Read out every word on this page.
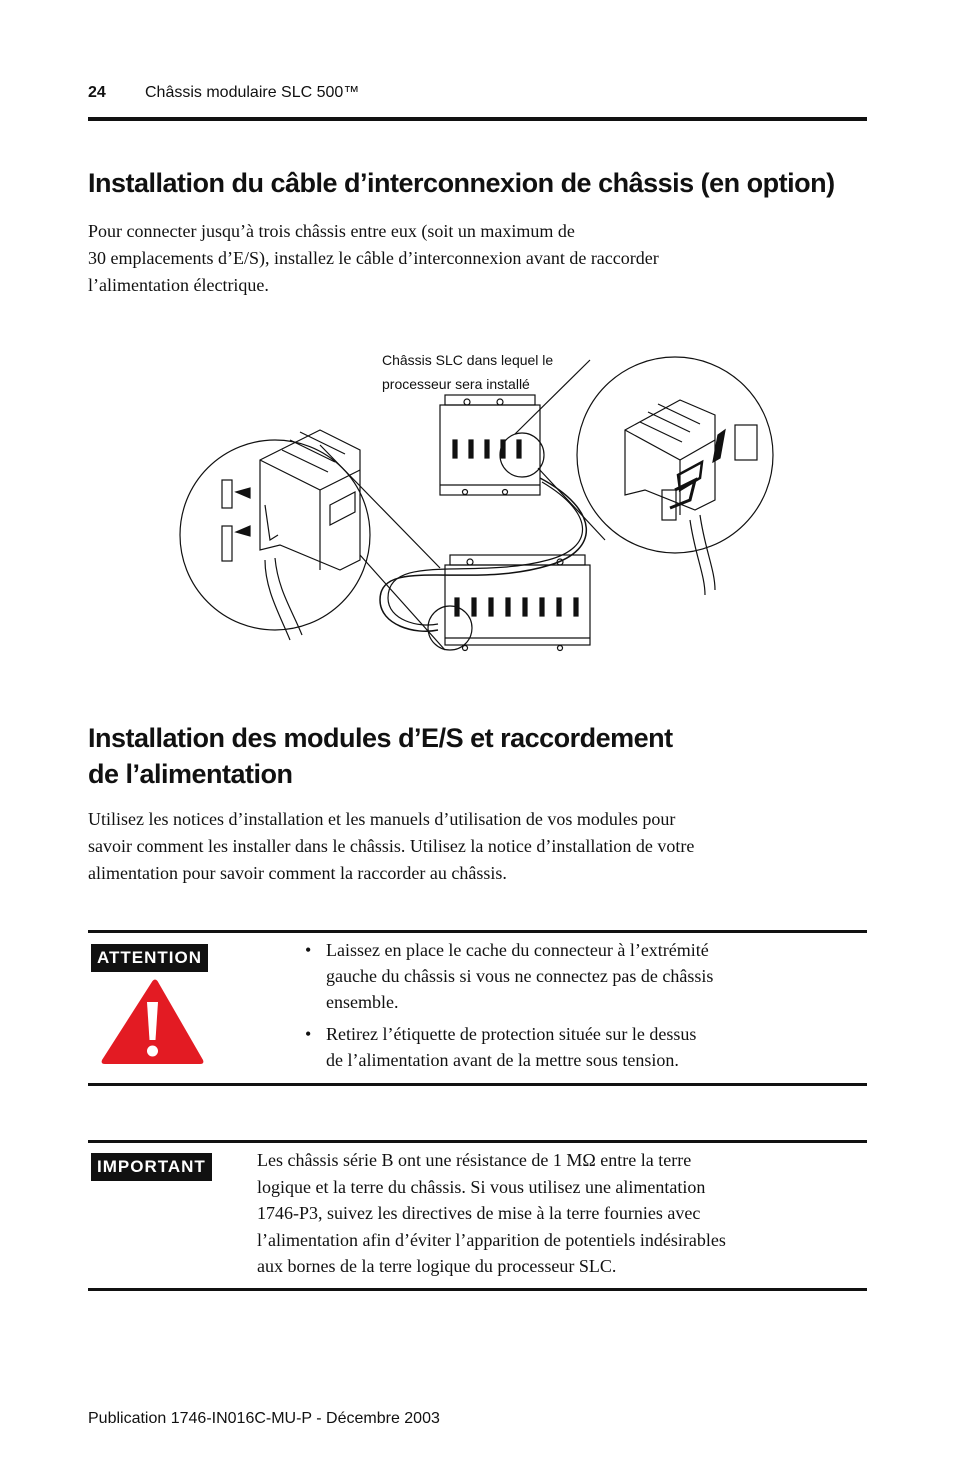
24 Châssis modulaire SLC 500™
Installation du câble d’interconnexion de châssis (en option)

Pour connecter jusqu’à trois châssis entre eux (soit un maximum de
30 emplacements d’E/S), installez le câble d’interconnexion avant de raccorder
l’alimentation électrique.

Châssis SLC dans lequel le
processeur sera installé
Installation des modules d’E/S et raccordement
de l’alimentation

Utilisez les notices d’installation et les manuels d’utilisation de vos modules pour
savoir comment les installer dans le châssis. Utilisez la notice d’installation de votre
alimentation pour savoir comment la raccorder au châssis.

ATTENTION	• Laissez en place le cache du connecteur à l’extrémité
gauche du châssis si vous ne connectez pas de châssis
ensemble.
• Retirez l’étiquette de protection située sur le dessus
de l’alimentation avant de la mettre sous tension.
IMPORTANT	Les châssis série B ont une résistance de 1 MΩ entre la terre
logique et la terre du châssis. Si vous utilisez une alimentation
1746-P3, suivez les directives de mise à la terre fournies avec
l’alimentation afin d’éviter l’apparition de potentiels indésirables
aux bornes de la terre logique du processeur SLC.
Publication 1746-IN016C-MU-P - Décembre 2003
